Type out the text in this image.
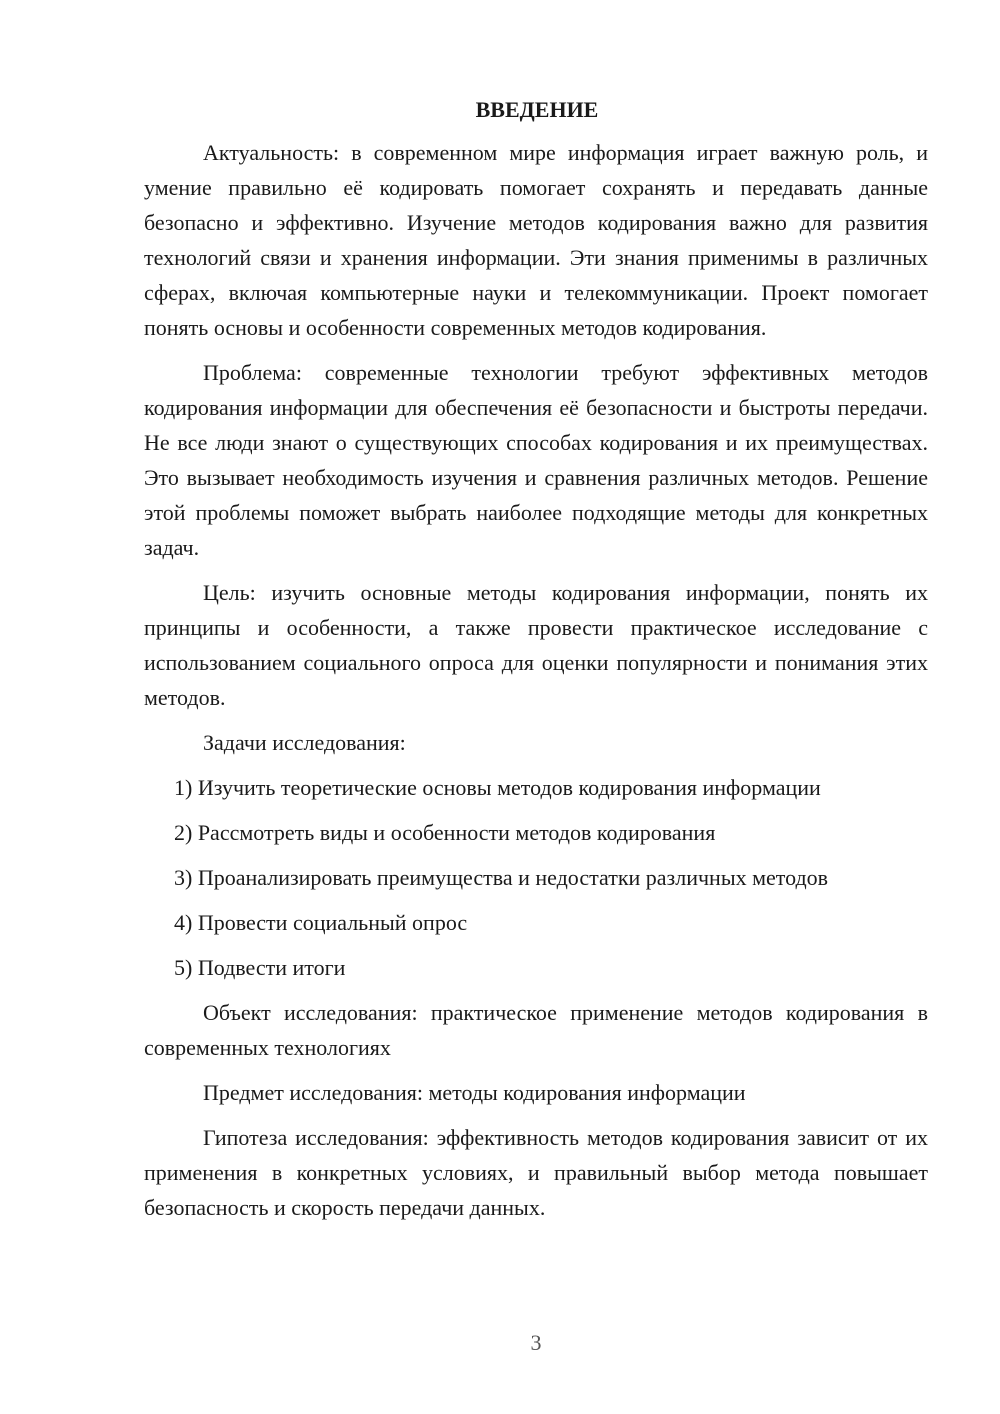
ВВЕДЕНИЕ

Актуальность: в современном мире информация играет важную роль, и умение правильно её кодировать помогает сохранять и передавать данные безопасно и эффективно. Изучение методов кодирования важно для развития технологий связи и хранения информации. Эти знания применимы в различных сферах, включая компьютерные науки и телекоммуникации. Проект помогает понять основы и особенности современных методов кодирования.

Проблема: современные технологии требуют эффективных методов кодирования информации для обеспечения её безопасности и быстроты передачи. Не все люди знают о существующих способах кодирования и их преимуществах. Это вызывает необходимость изучения и сравнения различных методов. Решение этой проблемы поможет выбрать наиболее подходящие методы для конкретных задач.

Цель: изучить основные методы кодирования информации, понять их принципы и особенности, а также провести практическое исследование с использованием социального опроса для оценки популярности и понимания этих методов.

Задачи исследования:

1) Изучить теоретические основы методов кодирования информации
2) Рассмотреть виды и особенности методов кодирования
3) Проанализировать преимущества и недостатки различных методов
4) Провести социальный опрос
5) Подвести итоги

Объект исследования: практическое применение методов кодирования в современных технологиях

Предмет исследования: методы кодирования информации

Гипотеза исследования: эффективность методов кодирования зависит от их применения в конкретных условиях, и правильный выбор метода повышает безопасность и скорость передачи данных.

3
